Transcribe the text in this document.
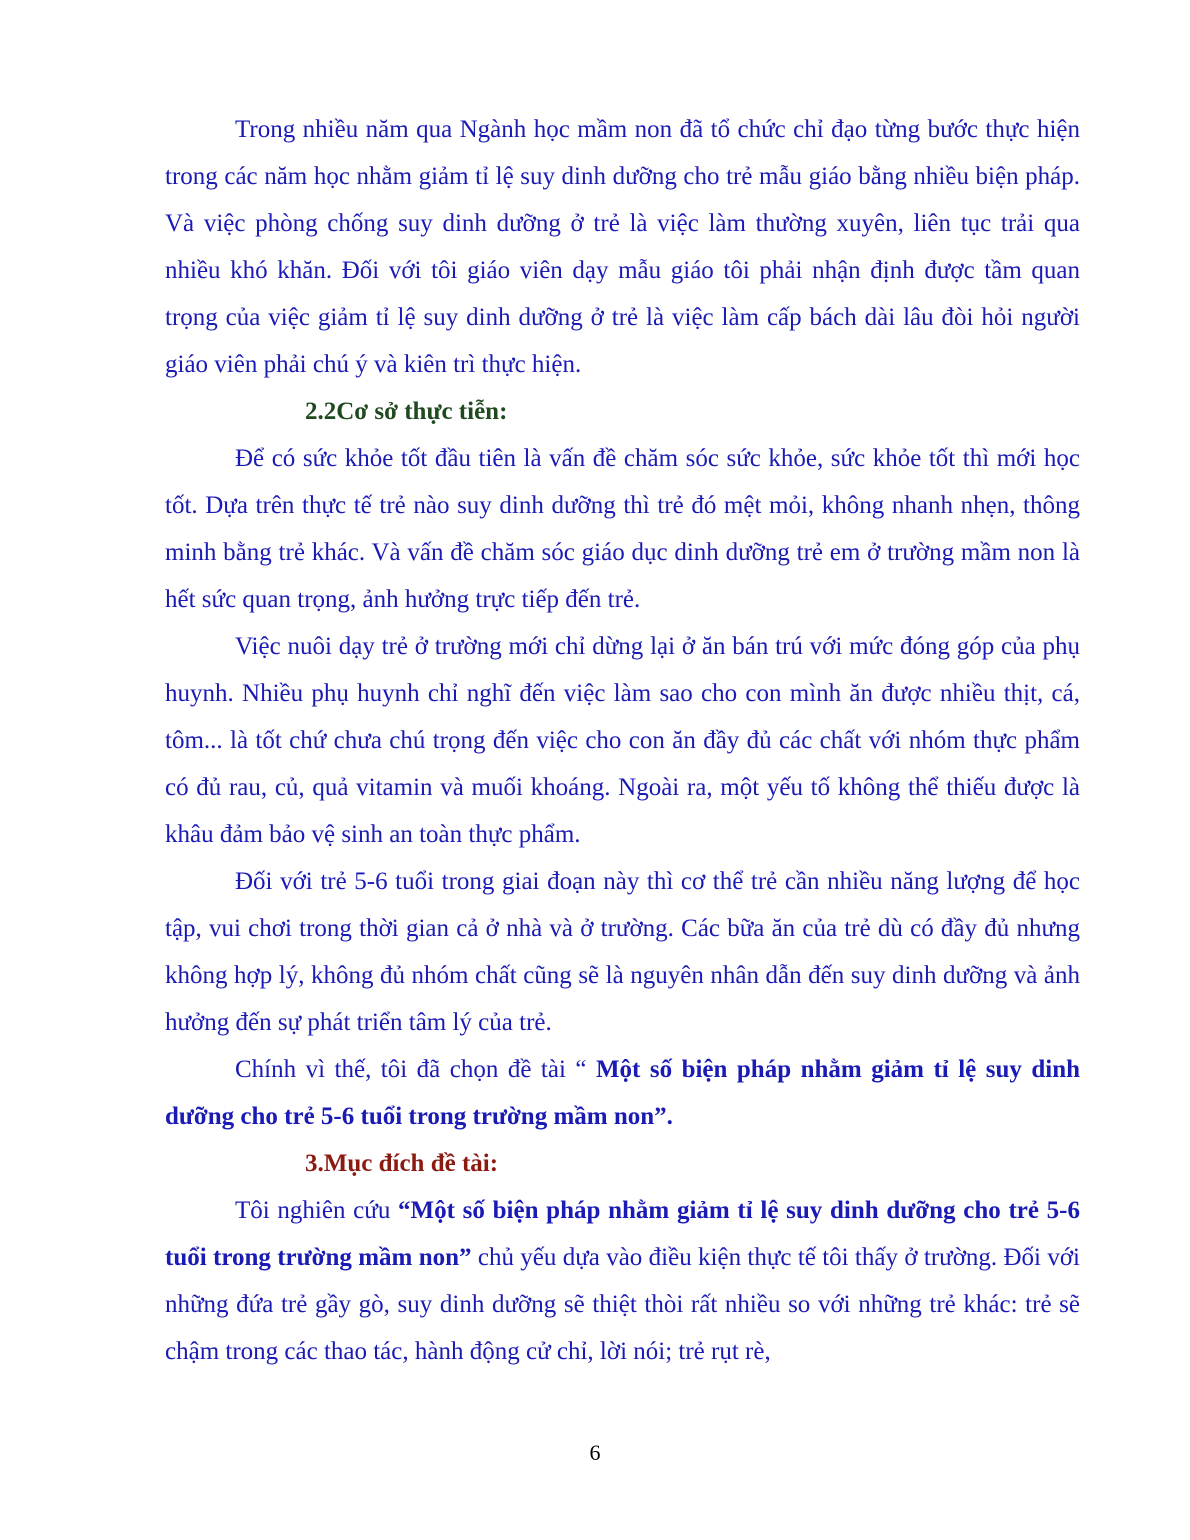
Trong nhiều năm qua Ngành học mầm non đã tổ chức chỉ đạo từng bước thực hiện trong các năm học nhằm giảm tỉ lệ suy dinh dưỡng cho trẻ mẫu giáo bằng nhiều biện pháp. Và việc phòng chống suy dinh dưỡng ở trẻ là việc làm thường xuyên, liên tục trải qua nhiều khó khăn. Đối với tôi giáo viên dạy mẫu giáo tôi phải nhận định được tầm quan trọng của việc giảm tỉ lệ suy dinh dưỡng ở trẻ là việc làm cấp bách dài lâu đòi hỏi người giáo viên phải chú ý và kiên trì thực hiện.

2.2Cơ sở thực tiễn:

Để có sức khỏe tốt đầu tiên là vấn đề chăm sóc sức khỏe, sức khỏe tốt thì mới học tốt. Dựa trên thực tế trẻ nào suy dinh dưỡng thì trẻ đó mệt mỏi, không nhanh nhẹn, thông minh bằng trẻ khác. Và vấn đề chăm sóc giáo dục dinh dưỡng trẻ em ở trường mầm non là hết sức quan trọng, ảnh hưởng trực tiếp đến trẻ.

Việc nuôi dạy trẻ ở trường mới chỉ dừng lại ở ăn bán trú với mức đóng góp của phụ huynh. Nhiều phụ huynh chỉ nghĩ đến việc làm sao cho con mình ăn được nhiều thịt, cá, tôm... là tốt chứ chưa chú trọng đến việc cho con ăn đầy đủ các chất với nhóm thực phẩm có đủ rau, củ, quả vitamin và muối khoáng. Ngoài ra, một yếu tố không thể thiếu được là khâu đảm bảo vệ sinh an toàn thực phẩm.

Đối với trẻ 5-6 tuổi trong giai đoạn này thì cơ thể trẻ cần nhiều năng lượng để học tập, vui chơi trong thời gian cả ở nhà và ở trường. Các bữa ăn của trẻ dù có đầy đủ nhưng không hợp lý, không đủ nhóm chất cũng sẽ là nguyên nhân dẫn đến suy dinh dưỡng và ảnh hưởng đến sự phát triển tâm lý của trẻ.

Chính vì thế, tôi đã chọn đề tài “ Một số biện pháp nhằm giảm tỉ lệ suy dinh dưỡng cho trẻ 5-6 tuổi trong trường mầm non”.

3.Mục đích đề tài:

Tôi nghiên cứu “Một số biện pháp nhằm giảm tỉ lệ suy dinh dưỡng cho trẻ 5-6 tuổi trong trường mầm non” chủ yếu dựa vào điều kiện thực tế tôi thấy ở trường. Đối với những đứa trẻ gầy gò, suy dinh dưỡng sẽ thiệt thòi rất nhiều so với những trẻ khác: trẻ sẽ chậm trong các thao tác, hành động cử chỉ, lời nói; trẻ rụt rè,

6
